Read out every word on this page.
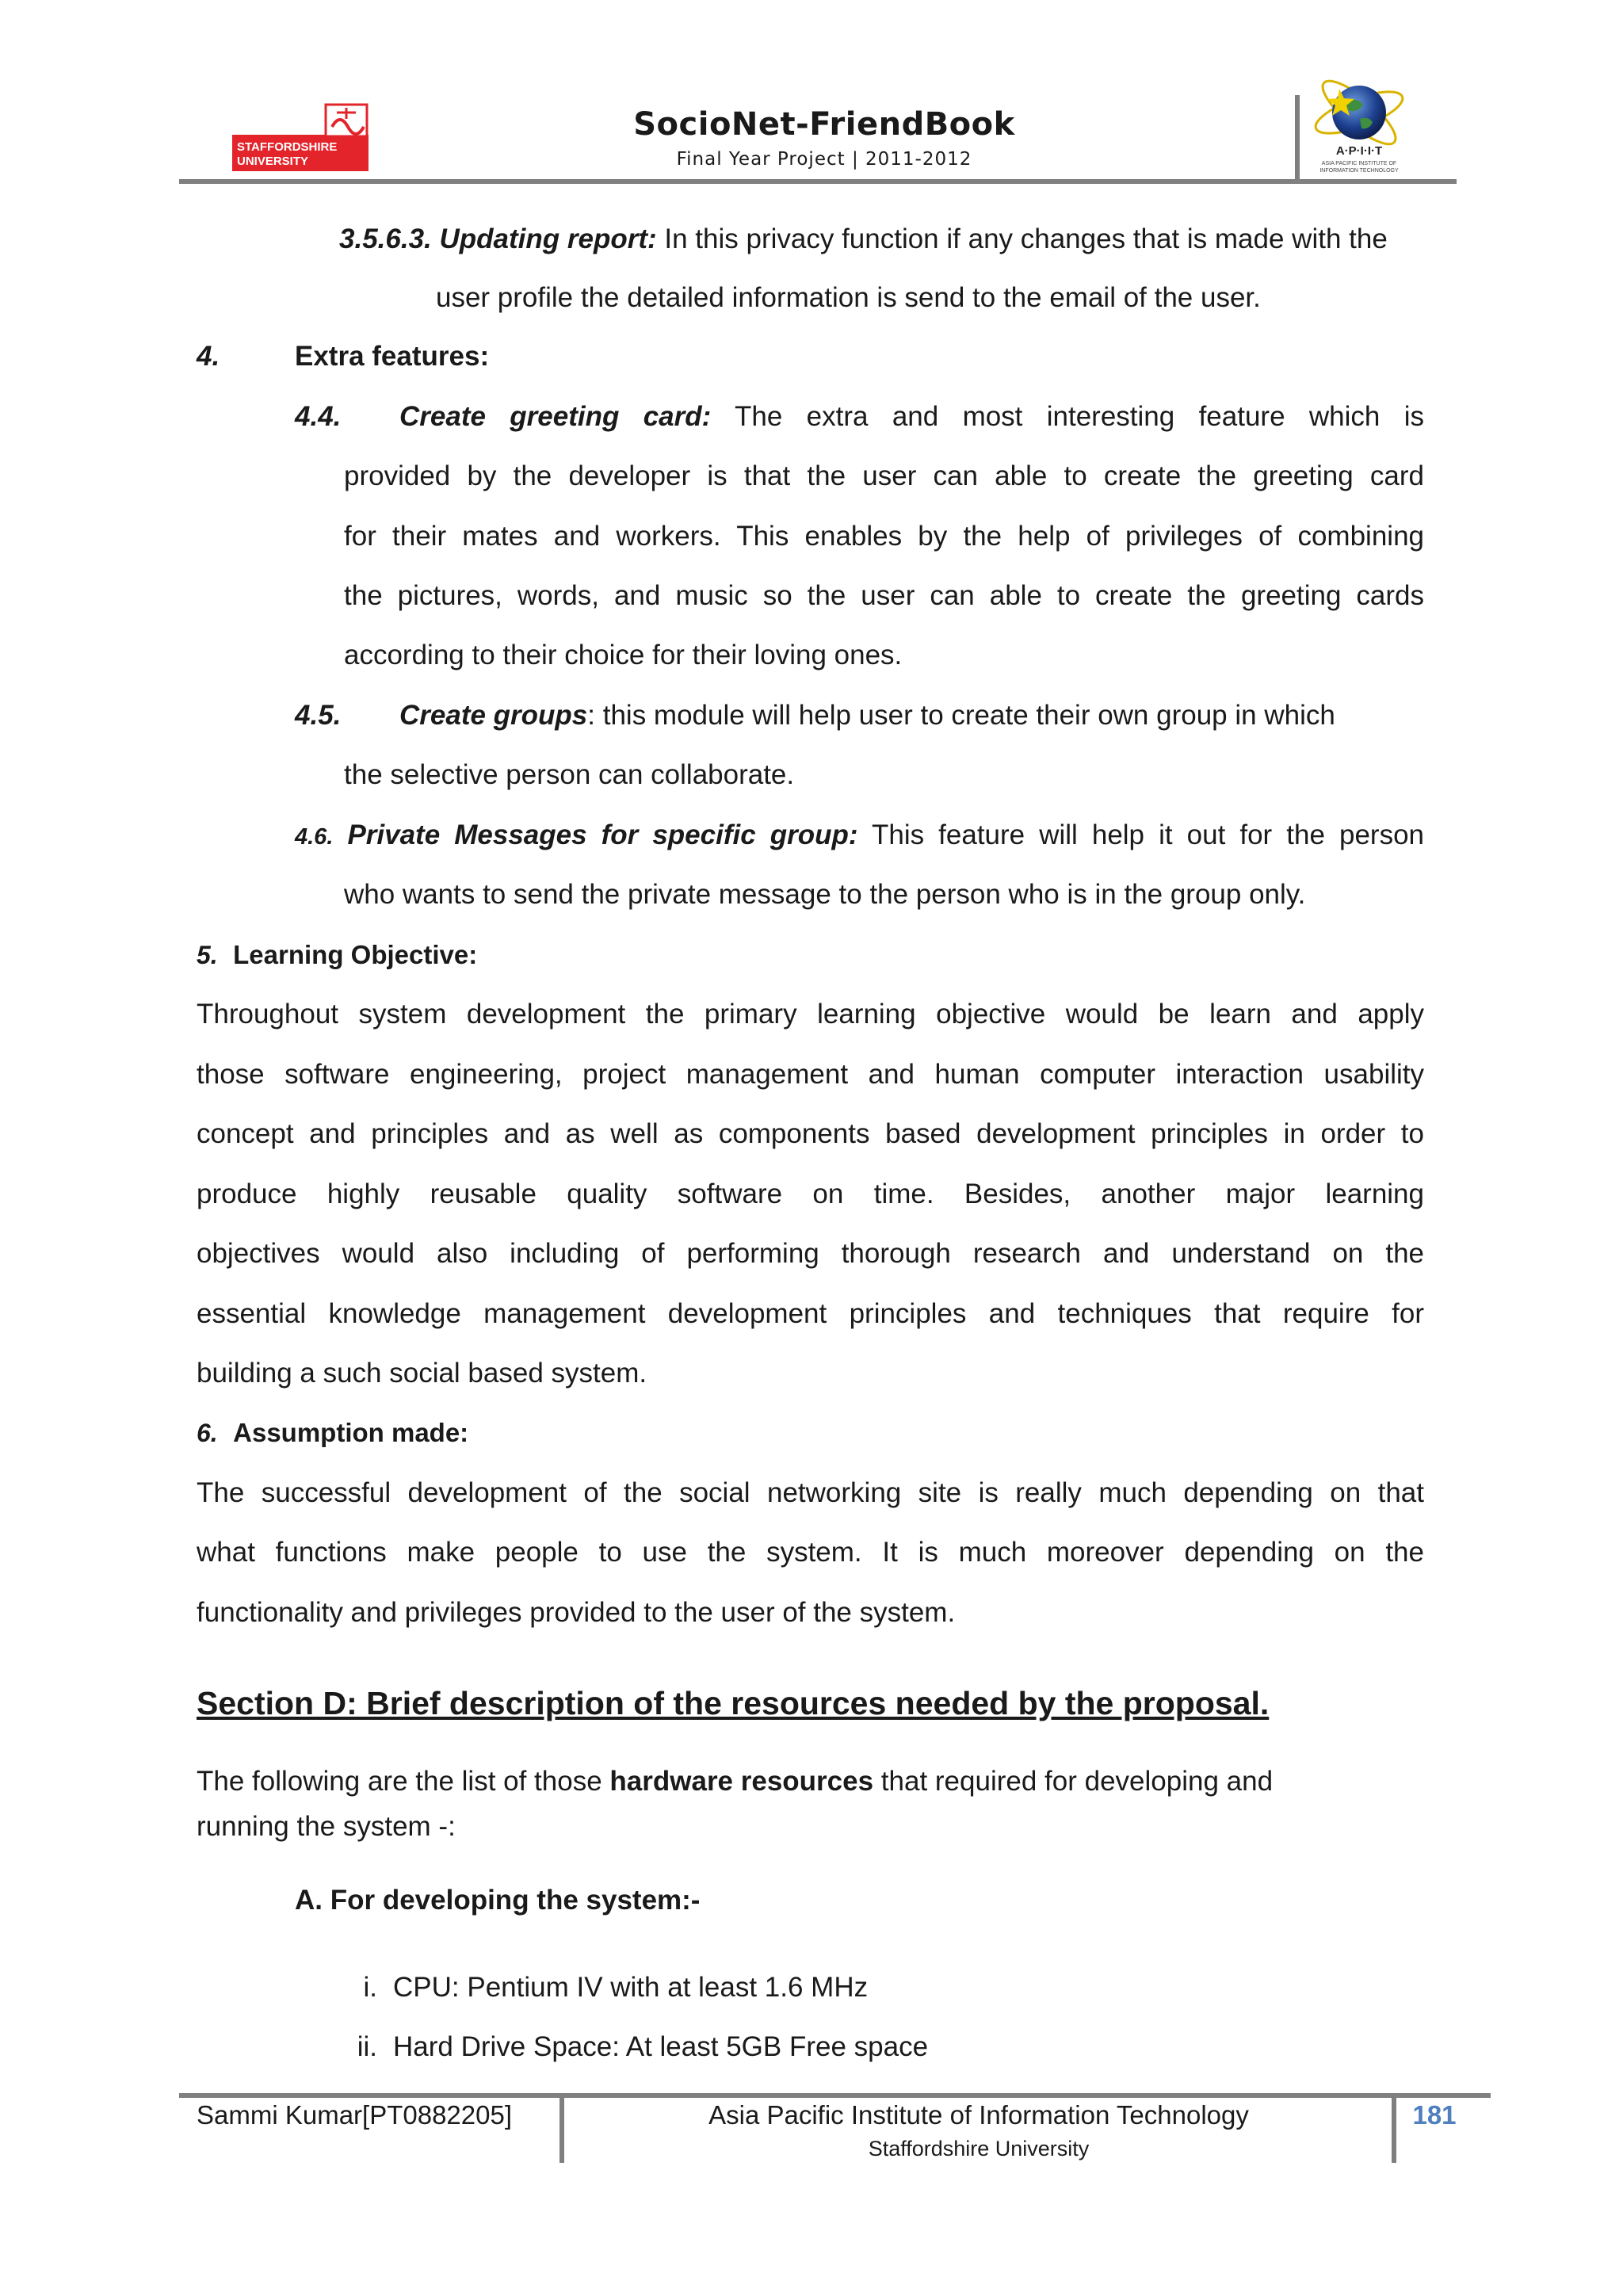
STAFFORDSHIRE
UNIVERSITY
SocioNet-FriendBook
Final Year Project | 2011-2012	A·P·I·I·T
ASIA PACIFIC INSTITUTE OF
INFORMATION TECHNOLOGY
3.5.6.3. Updating report: In this privacy function if any changes that is made with the
user profile the detailed information is send to the email of the user.
4.	Extra features:
4.4. Create greeting card: The extra and most interesting feature which is
provided by the developer is that the user can able to create the greeting card
for their mates and workers. This enables by the help of privileges of combining
the pictures, words, and music so the user can able to create the greeting cards
according to their choice for their loving ones.
4.5. Create groups: this module will help user to create their own group in which
the selective person can collaborate.
4.6. Private Messages for specific group: This feature will help it out for the person
who wants to send the private message to the person who is in the group only.
5. Learning Objective:
Throughout system development the primary learning objective would be learn and apply
those software engineering, project management and human computer interaction usability
concept and principles and as well as components based development principles in order to
produce highly reusable quality software on time. Besides, another major learning
objectives would also including of performing thorough research and understand on the
essential knowledge management development principles and techniques that require for
building a such social based system.
6. Assumption made:
The successful development of the social networking site is really much depending on that
what functions make people to use the system. It is much moreover depending on the
functionality and privileges provided to the user of the system.
Section D: Brief description of the resources needed by the proposal.
The following are the list of those hardware resources that required for developing and
running the system -:
A. For developing the system:-
i. CPU: Pentium IV with at least 1.6 MHz
ii. Hard Drive Space: At least 5GB Free space
Sammi Kumar[PT0882205]	Asia Pacific Institute of Information Technology
Staffordshire University
181
